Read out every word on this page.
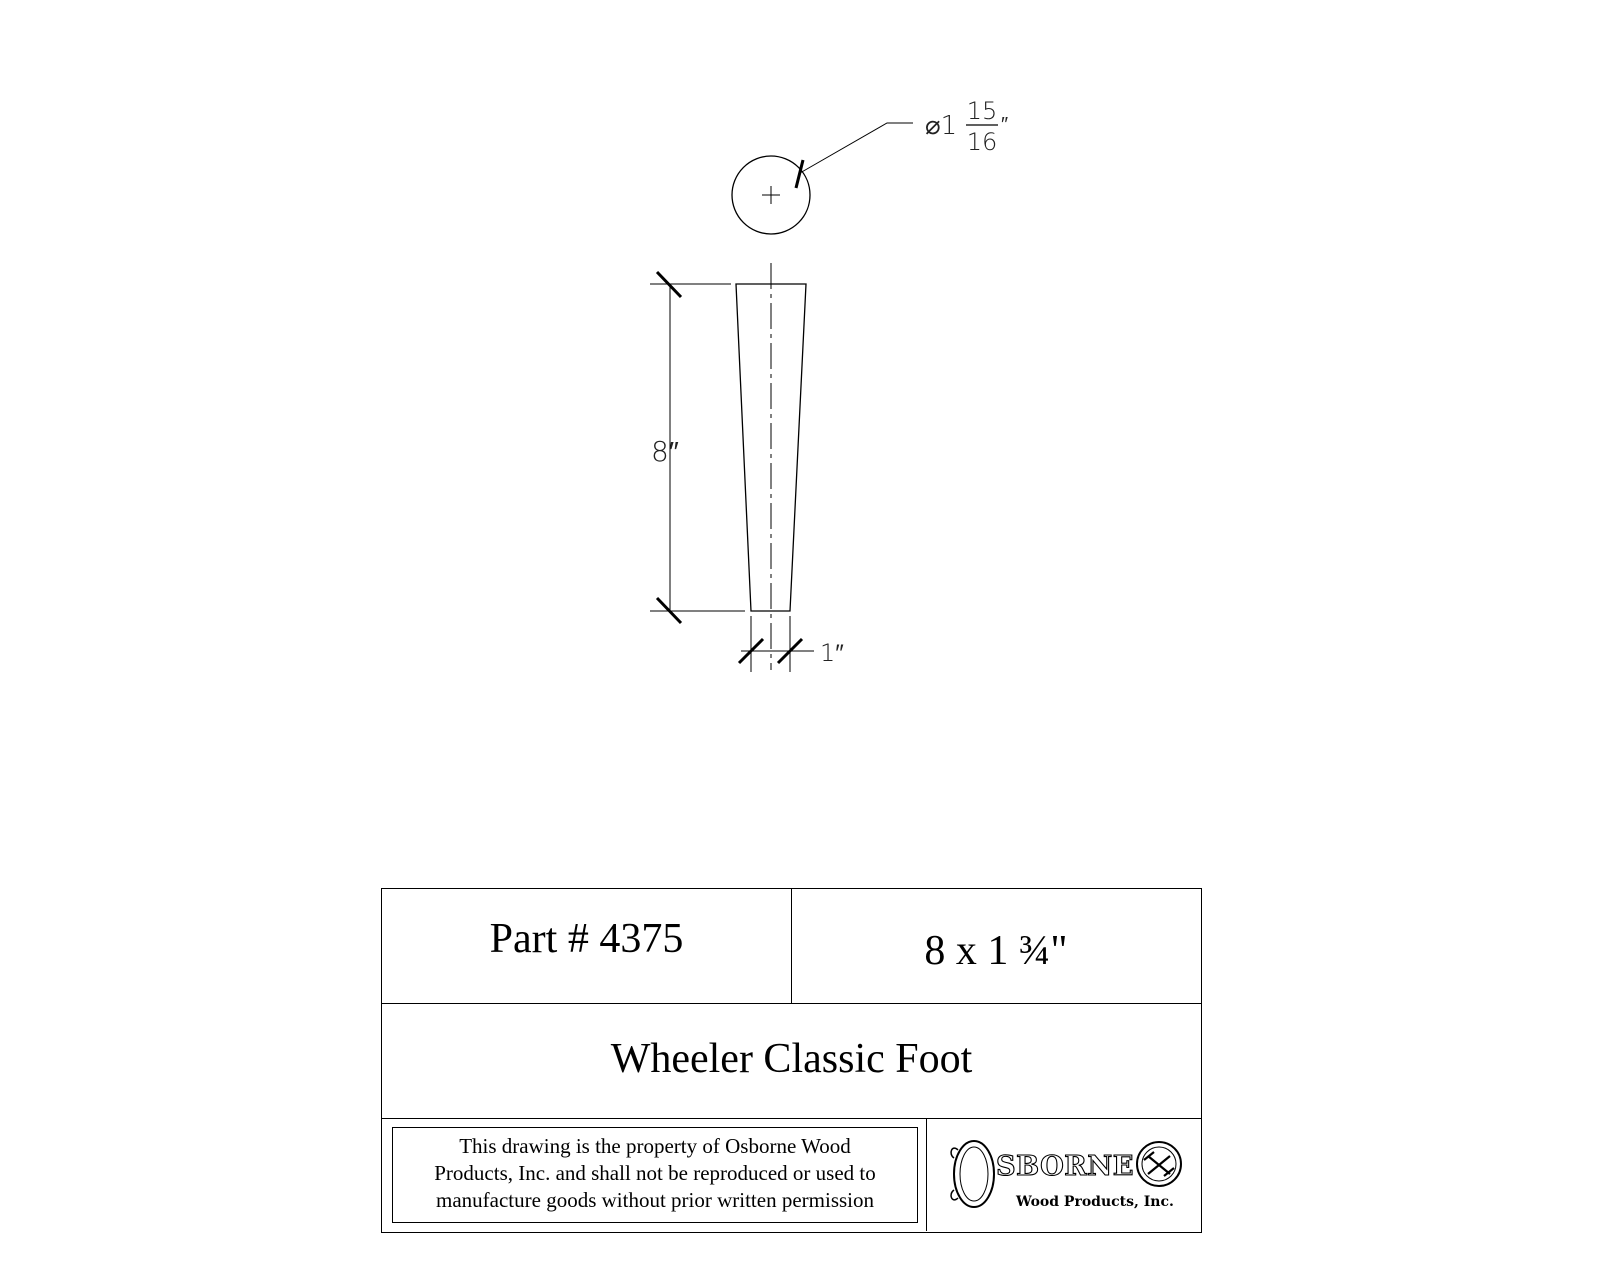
⌀1 15
16
″
8″
1″
Part # 4375	8 x 1 ¾"
Wheeler Classic Foot
This drawing is the property of Osborne Wood
Products, Inc. and shall not be reproduced or used to
manufacture goods without prior written permission
SBORNE
Wood Products, Inc.
